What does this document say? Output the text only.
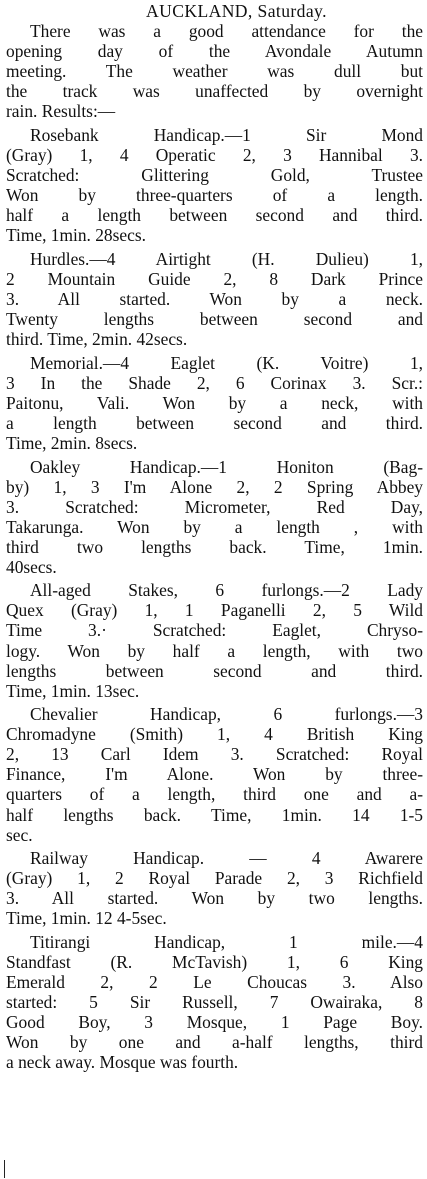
AUCKLAND, Saturday.
There was a good attendance for the
opening day of the Avondale Autumn
meeting. The weather was dull but
the track was unaffected by overnight
rain. Results:—
Rosebank Handicap.—1 Sir Mond
(Gray) 1, 4 Operatic 2, 3 Hannibal 3.
Scratched: Glittering Gold, Trustee
Won by three-quarters of a length.
half a length between second and third.
Time, 1min. 28secs.
Hurdles.—4 Airtight (H. Dulieu) 1,
2 Mountain Guide 2, 8 Dark Prince
3. All started. Won by a neck.
Twenty lengths between second and
third. Time, 2min. 42secs.
Memorial.—4 Eaglet (K. Voitre) 1,
3 In the Shade 2, 6 Corinax 3. Scr.:
Paitonu, Vali. Won by a neck, with
a length between second and third.
Time, 2min. 8secs.
Oakley Handicap.—1 Honiton (Bag-
by) 1, 3 I'm Alone 2, 2 Spring Abbey
3. Scratched: Micrometer, Red Day,
Takarunga. Won by a length , with
third two lengths back. Time, 1min.
40secs.
All-aged Stakes, 6 furlongs.—2 Lady
Quex (Gray) 1, 1 Paganelli 2, 5 Wild
Time 3.· Scratched: Eaglet, Chryso-
logy. Won by half a length, with two
lengths between second and third.
Time, 1min. 13sec.
Chevalier Handicap, 6 furlongs.—3
Chromadyne (Smith) 1, 4 British King
2, 13 Carl Idem 3. Scratched: Royal
Finance, I'm Alone. Won by three-
quarters of a length, third one and a-
half lengths back. Time, 1min. 14 1-5
sec.
Railway Handicap. — 4 Awarere
(Gray) 1, 2 Royal Parade 2, 3 Richfield
3. All started. Won by two lengths.
Time, 1min. 12 4-5sec.
Titirangi Handicap, 1 mile.—4
Standfast (R. McTavish) 1, 6 King
Emerald 2, 2 Le Choucas 3. Also
started: 5 Sir Russell, 7 Owairaka, 8
Good Boy, 3 Mosque, 1 Page Boy.
Won by one and a-half lengths, third
a neck away. Mosque was fourth.
